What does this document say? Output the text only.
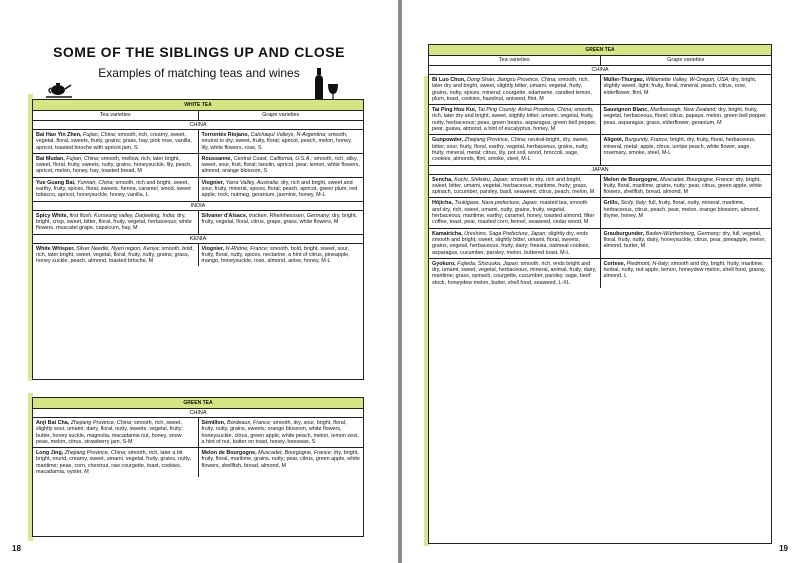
SOME OF THE SIBLINGS UP AND CLOSE
Examples of matching teas and wines
WHITE TEA
Tea varieties	Grape varieties
CHINA
Bai Hao Yin Zhen, Fujian, China; smooth, rich, creamy, sweet, vegetal, floral, sweets, fruity, grains; grass, hay, pink rose, vanilla, apricot, toasted brioche with apricot jam, S
Torrontés Riojano, Calchaquí Valleys, N-Argentina; smooth, neutral to dry, sweet, fruity, floral; apricot, peach, melon, honey, lily, white flowers, rose, S
Bai Mudan, Fujian, China; smooth, mellow, rich, later bright, sweet, floral, fruity, sweets, nutty, grains, honeysuckle, lily, peach, apricot, melon, honey, hay, toasted bread, M
Roussanne, Central Coast, California, U.S.A.; smooth, rich, silky, sweet, sour, fruit, floral; lanolin, apricot, pear, lemon, white flowers, almond, orange blossom, S
Yue Guang Bai, Yunnan, China; smooth, rich and bright, sweet, earthy, fruity, spices, floral, sweets, henna, caramel, wood, sweet tobacco, apricot, honeysuckle, honey, vanilla, L
Viognier, Yarra Valley, Australia; dry, rich and bright, sweet and sour, fruity, mineral, spices, floral; peach, apricot, green plum, red apple, rock, nutmeg, geranium, jasmine, honey, M-L
INDIA
Spicy White, first flush, Kurseong valley, Darjeeling, India; dry, bright, crisp, sweet, bitter, floral, fruity, vegetal, herbaceous; white flowers, muscatel grape, capsicum, hay, M
Silvaner d'Alsace, trocken, Rheinhesssen, Germany; dry, bright, fruity, vegetal, floral, citrus, grape, grass, white flowers, M
KENIA
White Whisper, Silver Needle, Nyeri region, Kenya; smooth, bold, rich, later bright, sweet, vegetal, floral, fruity, nutty, grains; grass, honey suckle, peach, almond, toasted brioche, M
Viognier, N-Rhône, France; smooth, bold, bright, sweet, sour, fruity, floral, nutty, spices, nectarine, a hint of citrus, pineapple, mango, honeysuckle, rose, almond, anise, honey, M-L
GREEN TEA
CHINA
Anji Bai Cha, Zhejiang Province, China; smooth, rich, sweet, slightly sour, umami, dairy, floral, nutty, sweets, vegetal, fruity; butter, honey suckle, magnolia, macadamia nut, honey, snow peas, melon, citrus, strawberry jam, S-M
Sémillon, Bordeaux, France; smooth, dry, sour, bright, floral, fruity, nutty, grains, sweets; orange blossom, white flowers, honeysuckle, citrus, green apple, white peach, melon, lemon zest, a hint of nut, butter on toast, honey, beeswax, S
Long Jing, Zhejiang Province, China; smooth, rich, later a bit bright, round, creamy, sweet, umami, vegetal, fruity, grains, nutty, maritime; peas, corn, chestnut, raw courgette, toast, cookies, macadamia, oyster, M
Melon de Bourgogne, Muscadet, Bourgogne, France; dry, bright, fruity, floral, maritime, grains, nutty; pear, citrus, green apple, white flowers, shellfish, bread, almond, M
18
GREEN TEA
Tea varieties	Grape varieties
CHINA
Bi Luo Chun, Dong Shan, Jiangsu Province, China; smooth, rich, later dry and bright, sweet, slightly bitter, umami, vegetal, fruity, grains, nutty, spices, mineral; courgette, edamame, candied lemon, plum, toast, cookies, hazelnut, aniseed, flint, M
Müller-Thurgau, Willamette Valley, W-Oregon, USA; dry, bright, slightly sweet, light; fruity, floral, mineral, peach, citrus, rose, elderflower, flint, M
Tai Ping Hou Kui, Tai Ping County, Anhui Province, China; smooth, rich, later dry and bright, sweet, slightly bitter, umami, vegetal, fruity, nutty, herbaceous; peas, green beans, asparagus, green bell pepper, pear, guava, almond, a hint of eucalyptus, honey, M
Sauvignon Blanc, Marlborough, New Zealand; dry, bright, fruity, vegetal, herbaceous, floral; citrus, papaya, melon, green bell pepper, peas, asparagus, grass, elderflower, geranium, M
Gunpowder, Zhejiang Province, China; neutral-bright, dry, sweet, bitter, sour, fruity, floral, earthy, vegetal, herbaceous, grains, nutty, fruity, mineral, metal; citrus, lily, pot soil, wood, broccoli, sage, cookies, almonds, flint, smoke, steel, M-L
Aligoté, Burgundy, France; bright, dry, fruity, floral, herbaceous, mineral, metal; apple, citrus, unripe peach, white flower, sage, rosemary, smoke, steel, M-L
JAPAN
Sencha, Kochi, Shikoku, Japan; smooth to dry, rich and bright, sweet, bitter, umami, vegetal, herbaceous, maritime, fruity; grass, spinach, cucumber, parsley, basil, seaweed, citrus, peach, melon, M
Melon de Bourgogne, Muscadet, Bourgogne, France; dry, bright, fruity, floral, maritime, grains, nutty; pear, citrus, green apple, white flowers, shellfish, bread, almond, M
Hōjicha, Tsukigase, Nara prefecture, Japan; roasted tea, smooth and dry, rich, sweet, umami, nutty, grains, fruity, vegetal, herbaceous, maritime, earthy; caramel, honey, toasted almond, filter coffee, toast, pear, roasted corn, fennel, seaweed, cedar wood, M
Grillo, Sicily, Italy; full, fruity, floral, nutty, mineral, maritime, herbaceous, citrus, peach, pear, melon, orange blossom, almond, thyme, honey, M
Kamairicha, Ureshino, Saga Prefecture, Japan; slightly dry, ends smooth and bright, sweet, slightly bitter, umami, floral, sweets, grains, vegetal, herbaceous, fruity, dairy; freesia, oatmeal cookies, asparagus, cucumber, parsley, melon, buttered toast, M-L
Grauburgunder, Baden-Württemberg, Germany; dry, full, vegetal, floral, fruity, nutty, dairy, honeysuckle, citrus, pear, pineapple, melon, almond, butter, M
Gyokuro, Fujieda, Shizuoka, Japan; smooth, rich, ends bright and dry, umami, sweet, vegetal, herbaceous, mineral, animal, fruity, dairy, maritime; grass, spinach, courgette, cucumber, parsley, sage, beef stock, honeydew melon, butter, shell food, seaweed, L-XL
Cortese, Piedmont, N-Italy; smooth and dry, bright, fruity, maritime, herbal, nutty, red apple, lemon, honeydew melon, shell food, grassy, almond, L
19
